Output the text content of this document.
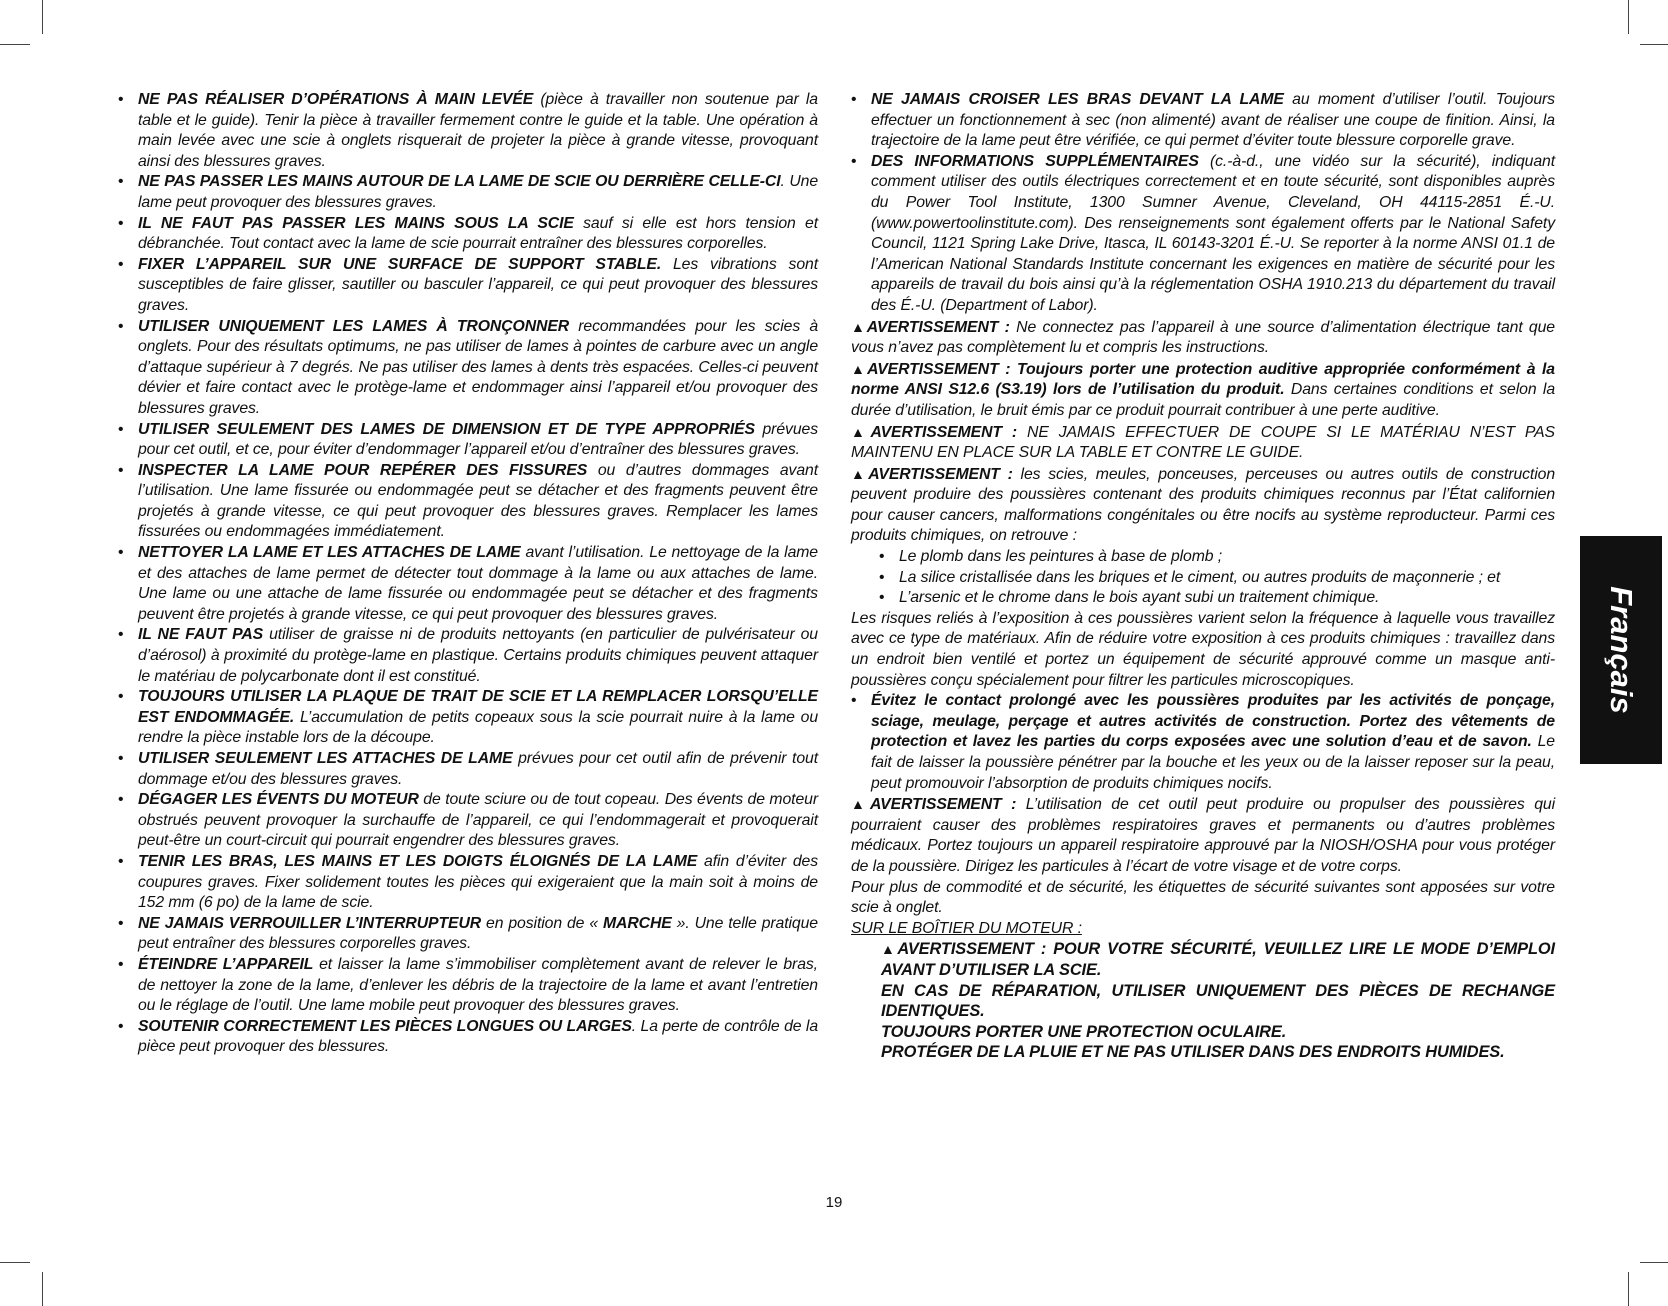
• NE PAS RÉALISER D’OPÉRATIONS À MAIN LEVÉE (pièce à travailler non soutenue par la table et le guide). Tenir la pièce à travailler fermement contre le guide et la table. Une opération à main levée avec une scie à onglets risquerait de projeter la pièce à grande vitesse, provoquant ainsi des blessures graves.

• NE PAS PASSER LES MAINS AUTOUR DE LA LAME DE SCIE OU DERRIÈRE CELLE-CI. Une lame peut provoquer des blessures graves.

• IL NE FAUT PAS PASSER LES MAINS SOUS LA SCIE sauf si elle est hors tension et débranchée. Tout contact avec la lame de scie pourrait entraîner des blessures corporelles.

• FIXER L’APPAREIL SUR UNE SURFACE DE SUPPORT STABLE. Les vibrations sont susceptibles de faire glisser, sautiller ou basculer l’appareil, ce qui peut provoquer des blessures graves.

• UTILISER UNIQUEMENT LES LAMES À TRONÇONNER recommandées pour les scies à onglets. Pour des résultats optimums, ne pas utiliser de lames à pointes de carbure avec un angle d’attaque supérieur à 7 degrés. Ne pas utiliser des lames à dents très espacées. Celles-ci peuvent dévier et faire contact avec le protège-lame et endommager ainsi l’appareil et/ou provoquer des blessures graves.

• UTILISER SEULEMENT DES LAMES DE DIMENSION ET DE TYPE APPROPRIÉS prévues pour cet outil, et ce, pour éviter d’endommager l’appareil et/ou d’entraîner des blessures graves.

• INSPECTER LA LAME POUR REPÉRER DES FISSURES ou d’autres dommages avant l’utilisation. Une lame fissurée ou endommagée peut se détacher et des fragments peuvent être projetés à grande vitesse, ce qui peut provoquer des blessures graves. Remplacer les lames fissurées ou endommagées immédiatement.

• NETTOYER LA LAME ET LES ATTACHES DE LAME avant l’utilisation. Le nettoyage de la lame et des attaches de lame permet de détecter tout dommage à la lame ou aux attaches de lame. Une lame ou une attache de lame fissurée ou endommagée peut se détacher et des fragments peuvent être projetés à grande vitesse, ce qui peut provoquer des blessures graves.

• IL NE FAUT PAS utiliser de graisse ni de produits nettoyants (en particulier de pulvérisateur ou d’aérosol) à proximité du protège-lame en plastique. Certains produits chimiques peuvent attaquer le matériau de polycarbonate dont il est constitué.

• TOUJOURS UTILISER LA PLAQUE DE TRAIT DE SCIE ET LA REMPLACER LORSQU’ELLE EST ENDOMMAGÉE. L’accumulation de petits copeaux sous la scie pourrait nuire à la lame ou rendre la pièce instable lors de la découpe.

• UTILISER SEULEMENT LES ATTACHES DE LAME prévues pour cet outil afin de prévenir tout dommage et/ou des blessures graves.

• DÉGAGER LES ÉVENTS DU MOTEUR de toute sciure ou de tout copeau. Des évents de moteur obstrués peuvent provoquer la surchauffe de l’appareil, ce qui l’endommagerait et provoquerait peut-être un court-circuit qui pourrait engendrer des blessures graves.

• TENIR LES BRAS, LES MAINS ET LES DOIGTS ÉLOIGNÉS DE LA LAME afin d’éviter des coupures graves. Fixer solidement toutes les pièces qui exigeraient que la main soit à moins de 152 mm (6 po) de la lame de scie.

• NE JAMAIS VERROUILLER L’INTERRUPTEUR en position de « MARCHE ». Une telle pratique peut entraîner des blessures corporelles graves.

• ÉTEINDRE L’APPAREIL et laisser la lame s’immobiliser complètement avant de relever le bras, de nettoyer la zone de la lame, d’enlever les débris de la trajectoire de la lame et avant l’entretien ou le réglage de l’outil. Une lame mobile peut provoquer des blessures graves.

• SOUTENIR CORRECTEMENT LES PIÈCES LONGUES OU LARGES. La perte de contrôle de la pièce peut provoquer des blessures.

• NE JAMAIS CROISER LES BRAS DEVANT LA LAME au moment d’utiliser l’outil. Toujours effectuer un fonctionnement à sec (non alimenté) avant de réaliser une coupe de finition. Ainsi, la trajectoire de la lame peut être vérifiée, ce qui permet d’éviter toute blessure corporelle grave.

• DES INFORMATIONS SUPPLÉMENTAIRES (c.-à-d., une vidéo sur la sécurité), indiquant comment utiliser des outils électriques correctement et en toute sécurité, sont disponibles auprès du Power Tool Institute, 1300 Sumner Avenue, Cleveland, OH 44115-2851 É.-U. (www.powertoolinstitute.com). Des renseignements sont également offerts par le National Safety Council, 1121 Spring Lake Drive, Itasca, IL 60143-3201 É.-U. Se reporter à la norme ANSI 01.1 de l’American National Standards Institute concernant les exigences en matière de sécurité pour les appareils de travail du bois ainsi qu’à la réglementation OSHA 1910.213 du département du travail des É.-U. (Department of Labor).

▲AVERTISSEMENT : Ne connectez pas l’appareil à une source d’alimentation électrique tant que vous n’avez pas complètement lu et compris les instructions.

▲AVERTISSEMENT : Toujours porter une protection auditive appropriée conformément à la norme ANSI S12.6 (S3.19) lors de l’utilisation du produit. Dans certaines conditions et selon la durée d’utilisation, le bruit émis par ce produit pourrait contribuer à une perte auditive.

▲AVERTISSEMENT : NE JAMAIS EFFECTUER DE COUPE SI LE MATÉRIAU N’EST PAS MAINTENU EN PLACE SUR LA TABLE ET CONTRE LE GUIDE.

▲AVERTISSEMENT : les scies, meules, ponceuses, perceuses ou autres outils de construction peuvent produire des poussières contenant des produits chimiques reconnus par l’État californien pour causer cancers, malformations congénitales ou être nocifs au système reproducteur. Parmi ces produits chimiques, on retrouve :

• Le plomb dans les peintures à base de plomb ;

• La silice cristallisée dans les briques et le ciment, ou autres produits de maçonnerie ; et

• L’arsenic et le chrome dans le bois ayant subi un traitement chimique.

Les risques reliés à l’exposition à ces poussières varient selon la fréquence à laquelle vous travaillez avec ce type de matériaux. Afin de réduire votre exposition à ces produits chimiques : travaillez dans un endroit bien ventilé et portez un équipement de sécurité approuvé comme un masque anti-poussières conçu spécialement pour filtrer les particules microscopiques.

• Évitez le contact prolongé avec les poussières produites par les activités de ponçage, sciage, meulage, perçage et autres activités de construction. Portez des vêtements de protection et lavez les parties du corps exposées avec une solution d’eau et de savon. Le fait de laisser la poussière pénétrer par la bouche et les yeux ou de la laisser reposer sur la peau, peut promouvoir l’absorption de produits chimiques nocifs.

▲AVERTISSEMENT : L’utilisation de cet outil peut produire ou propulser des poussières qui pourraient causer des problèmes respiratoires graves et permanents ou d’autres problèmes médicaux. Portez toujours un appareil respiratoire approuvé par la NIOSH/OSHA pour vous protéger de la poussière. Dirigez les particules à l’écart de votre visage et de votre corps.

Pour plus de commodité et de sécurité, les étiquettes de sécurité suivantes sont apposées sur votre scie à onglet.

SUR LE BOÎTIER DU MOTEUR :

▲AVERTISSEMENT : POUR VOTRE SÉCURITÉ, VEUILLEZ LIRE LE MODE D’EMPLOI AVANT D’UTILISER LA SCIE.

EN CAS DE RÉPARATION, UTILISER UNIQUEMENT DES PIÈCES DE RECHANGE IDENTIQUES.

TOUJOURS PORTER UNE PROTECTION OCULAIRE.

PROTÉGER DE LA PLUIE ET NE PAS UTILISER DANS DES ENDROITS HUMIDES.

Français
19
